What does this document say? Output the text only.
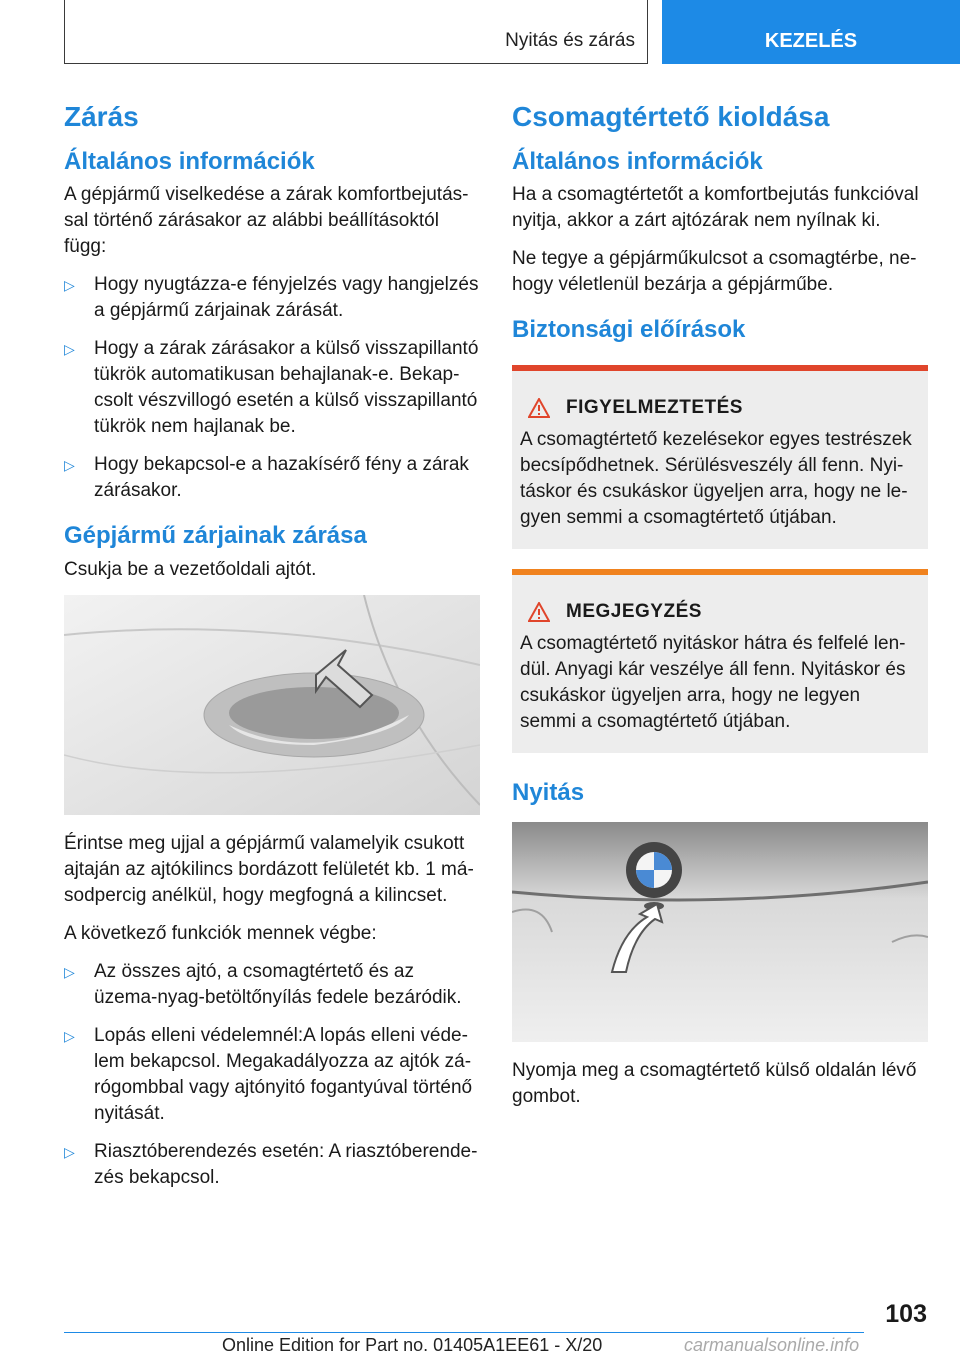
Nyitás és zárás	KEZELÉS
Zárás
Általános információk

A gépjármű viselkedése a zárak komfortbejutás-sal történő zárásakor az alábbi beállításoktól függ:

▷ Hogy nyugtázza-e fényjelzés vagy hangjelzés a gépjármű zárjainak zárását.
▷ Hogy a zárak zárásakor a külső visszapillantó tükrök automatikusan behajlanak-e. Bekap-csolt vészvillogó esetén a külső visszapillantó tükrök nem hajlanak be.
▷ Hogy bekapcsol-e a hazakísérő fény a zárak zárásakor.
Gépjármű zárjainak zárása

Csukja be a vezetőoldali ajtót.

Érintse meg ujjal a gépjármű valamelyik csukott ajtaján az ajtókilincs bordázott felületét kb. 1 má-sodpercig anélkül, hogy megfogná a kilincset.

A következő funkciók mennek végbe:

▷ Az összes ajtó, a csomagtértető és az üzema-nyag-betöltőnyílás fedele bezáródik.
▷ Lopás elleni védelemnél:A lopás elleni véde-lem bekapcsol. Megakadályozza az ajtók zá-rógombbal vagy ajtónyitó fogantyúval történő nyitását.
▷ Riasztóberendezés esetén: A riasztóberende-zés bekapcsol.
Csomagtértető kioldása
Általános információk

Ha a csomagtértetőt a komfortbejutás funkcióval nyitja, akkor a zárt ajtózárak nem nyílnak ki.

Ne tegye a gépjárműkulcsot a csomagtérbe, ne-hogy véletlenül bezárja a gépjárműbe.

Biztonsági előírások
FIGYELMEZTETÉS

A csomagtértető kezelésekor egyes testrészek becsípődhetnek. Sérülésveszély áll fenn. Nyi-táskor és csukáskor ügyeljen arra, hogy ne le-gyen semmi a csomagtértető útjában.

MEGJEGYZÉS

A csomagtértető nyitáskor hátra és felfelé len-dül. Anyagi kár veszélye áll fenn. Nyitáskor és csukáskor ügyeljen arra, hogy ne legyen semmi a csomagtértető útjában.

Nyitás

Nyomja meg a csomagtértető külső oldalán lévő gombot.

103
Online Edition for Part no. 01405A1EE61 - X/20	carmanualsonline.info
